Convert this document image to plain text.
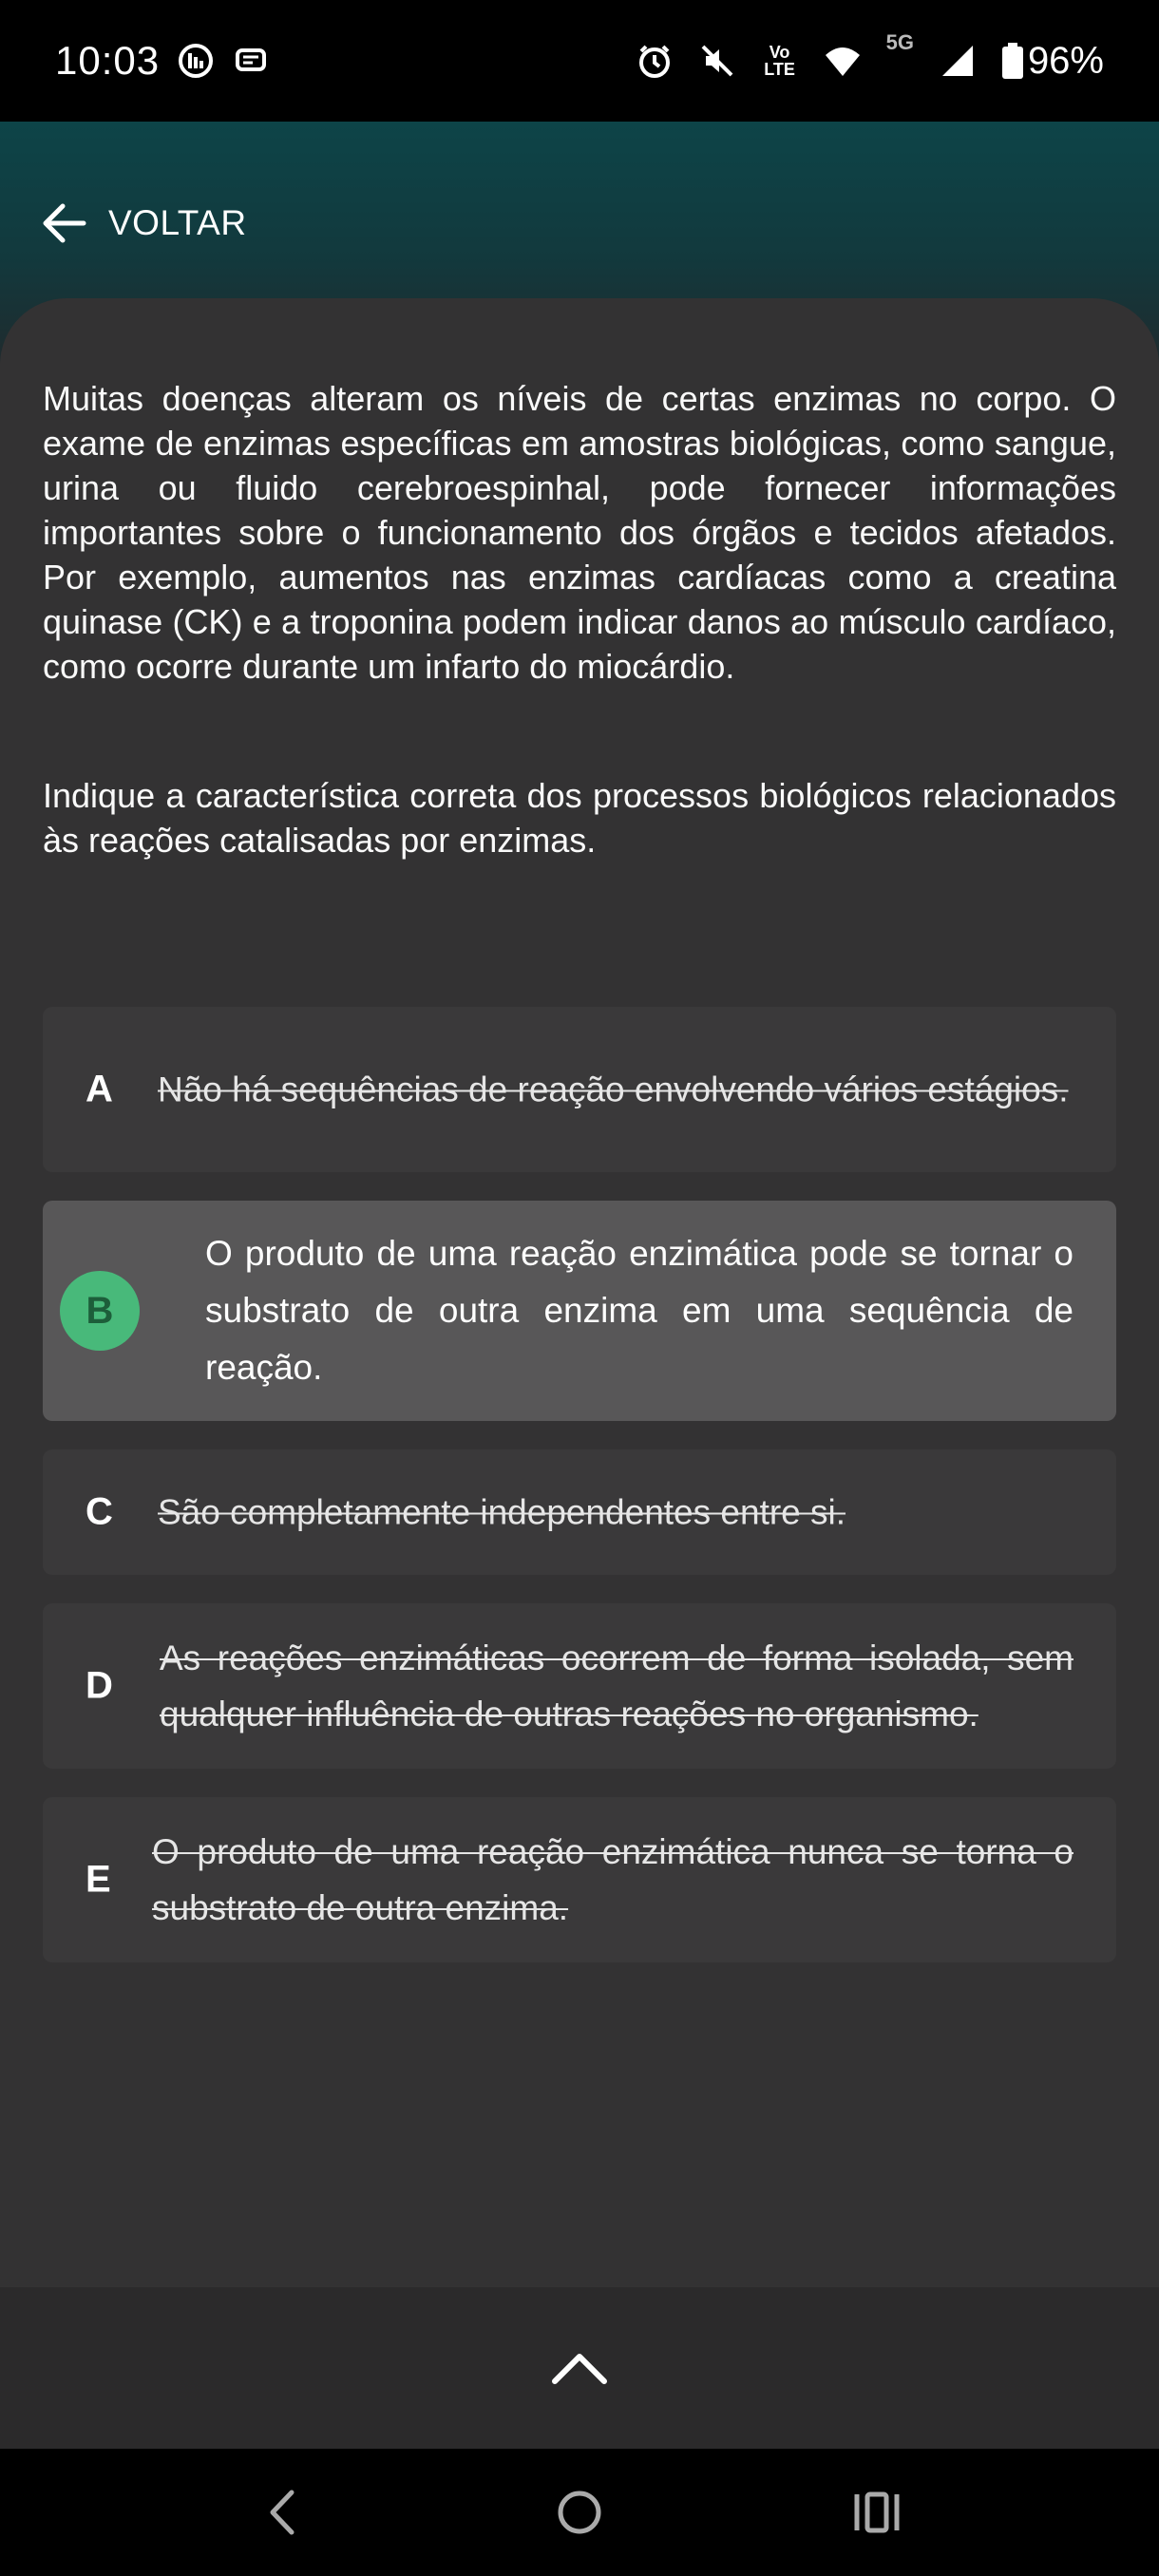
10:03	Vo LTE
5G	96%
VOLTAR

Muitas doenças alteram os níveis de certas enzimas no corpo. O exame de enzimas específicas em amostras biológicas, como sangue, urina ou fluido cerebroespinhal, pode fornecer informações importantes sobre o funcionamento dos órgãos e tecidos afetados. Por exemplo, aumentos nas enzimas cardíacas como a creatina quinase (CK) e a troponina podem indicar danos ao músculo cardíaco, como ocorre durante um infarto do miocárdio.

Indique a característica correta dos processos biológicos relacionados às reações catalisadas por enzimas.

A Não há sequências de reação envolvendo vários estágios.
B
O produto de uma reação enzimática pode se tornar o substrato de outra enzima em uma sequência de reação.
C São completamente independentes entre si.
D
As reações enzimáticas ocorrem de forma isolada, sem qualquer influência de outras reações no organismo.
E
O produto de uma reação enzimática nunca se torna o substrato de outra enzima.
